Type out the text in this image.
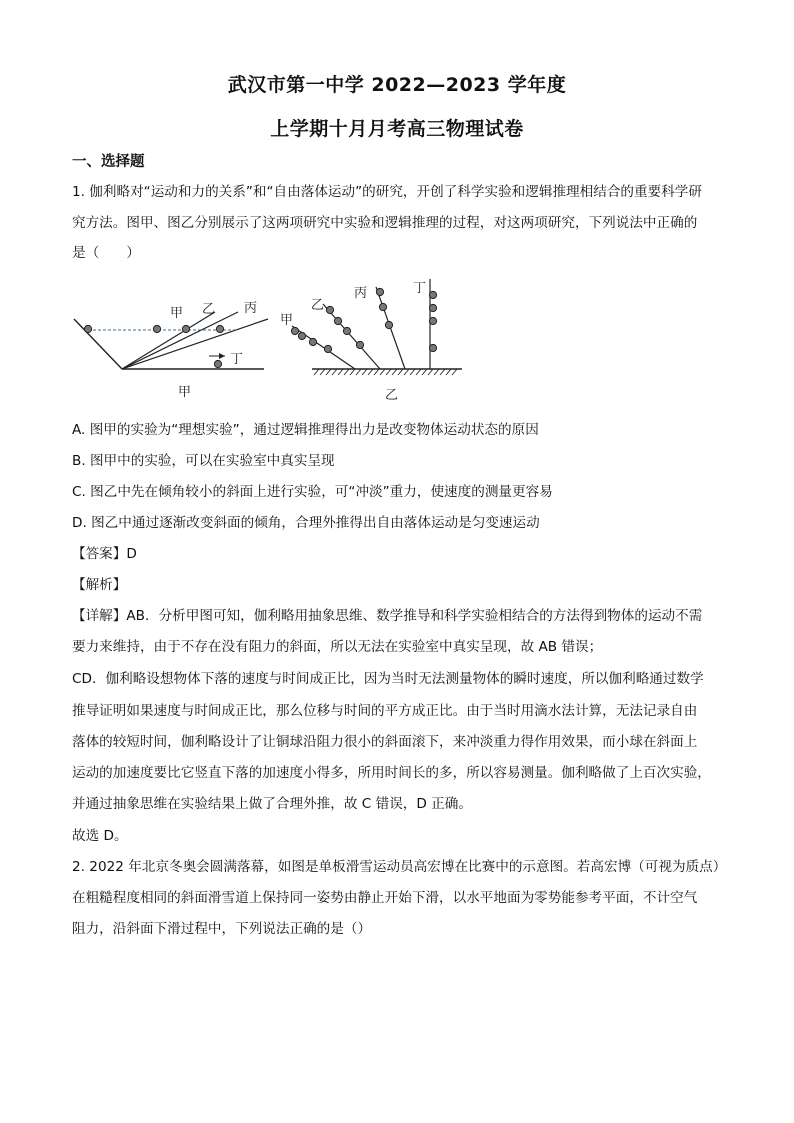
武汉市第一中学 2022—2023 学年度
上学期十月月考高三物理试卷
一、选择题
1. 伽利略对“运动和力的关系”和“自由落体运动”的研究，开创了科学实验和逻辑推理相结合的重要科学研
究方法。图甲、图乙分别展示了这两项研究中实验和逻辑推理的过程，对这两项研究，下列说法中正确的
是（　　）
甲 乙 丙
丁
甲
甲
乙
丙	丁
乙
A. 图甲的实验为“理想实验”，通过逻辑推理得出力是改变物体运动状态的原因
B. 图甲中的实验，可以在实验室中真实呈现
C. 图乙中先在倾角较小的斜面上进行实验，可“冲淡”重力，使速度的测量更容易
D. 图乙中通过逐渐改变斜面的倾角，合理外推得出自由落体运动是匀变速运动
【答案】D
【解析】
【详解】AB．分析甲图可知，伽利略用抽象思维、数学推导和科学实验相结合的方法得到物体的运动不需
要力来维持，由于不存在没有阻力的斜面，所以无法在实验室中真实呈现，故 AB 错误；
CD．伽利略设想物体下落的速度与时间成正比，因为当时无法测量物体的瞬时速度，所以伽利略通过数学
推导证明如果速度与时间成正比，那么位移与时间的平方成正比。由于当时用滴水法计算，无法记录自由
落体的较短时间，伽利略设计了让铜球沿阻力很小的斜面滚下，来冲淡重力得作用效果，而小球在斜面上
运动的加速度要比它竖直下落的加速度小得多，所用时间长的多，所以容易测量。伽利略做了上百次实验，
并通过抽象思维在实验结果上做了合理外推，故 C 错误，D 正确。
故选 D。
2. 2022 年北京冬奥会圆满落幕，如图是单板滑雪运动员高宏博在比赛中的示意图。若高宏博（可视为质点）
在粗糙程度相同的斜面滑雪道上保持同一姿势由静止开始下滑，以水平地面为零势能参考平面，不计空气
阻力，沿斜面下滑过程中，下列说法正确的是（）
